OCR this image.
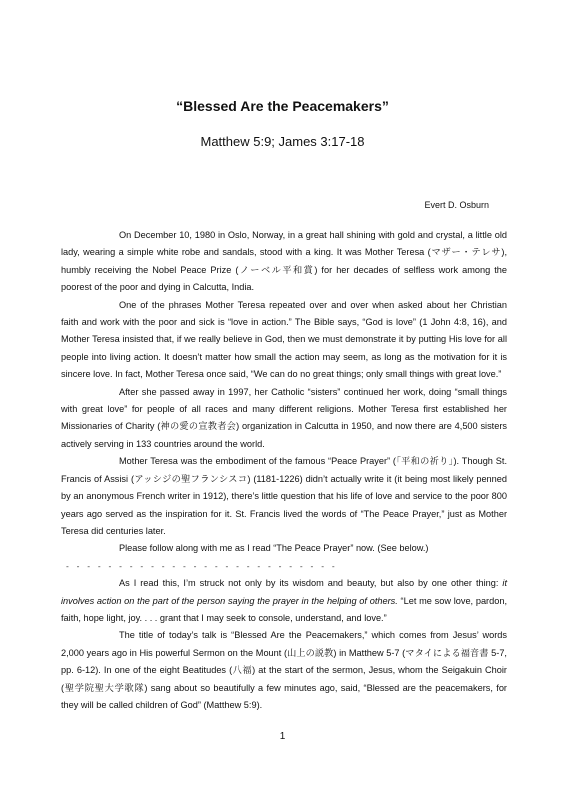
“Blessed Are the Peacemakers”
Matthew 5:9; James 3:17-18
Evert D. Osburn

On December 10, 1980 in Oslo, Norway, in a great hall shining with gold and crystal, a little old lady, wearing a simple white robe and sandals, stood with a king. It was Mother Teresa (マザー・テレサ), humbly receiving the Nobel Peace Prize (ノーベル平和賞) for her decades of selfless work among the poorest of the poor and dying in Calcutta, India.

One of the phrases Mother Teresa repeated over and over when asked about her Christian faith and work with the poor and sick is “love in action.” The Bible says, “God is love” (1 John 4:8, 16), and Mother Teresa insisted that, if we really believe in God, then we must demonstrate it by putting His love for all people into living action. It doesn’t matter how small the action may seem, as long as the motivation for it is sincere love. In fact, Mother Teresa once said, “We can do no great things; only small things with great love.”

After she passed away in 1997, her Catholic “sisters” continued her work, doing “small things with great love” for people of all races and many different religions. Mother Teresa first established her Missionaries of Charity (神の愛の宣教者会) organization in Calcutta in 1950, and now there are 4,500 sisters actively serving in 133 countries around the world.

Mother Teresa was the embodiment of the famous “Peace Prayer” (「平和の祈り」). Though St. Francis of Assisi (アッシジの聖フランシスコ) (1181-1226) didn’t actually write it (it being most likely penned by an anonymous French writer in 1912), there’s little question that his life of love and service to the poor 800 years ago served as the inspiration for it. St. Francis lived the words of “The Peace Prayer,” just as Mother Teresa did centuries later.

Please follow along with me as I read “The Peace Prayer” now. (See below.)

- - - - - - - - - - - - - - - - - - - - - - - - - -

As I read this, I’m struck not only by its wisdom and beauty, but also by one other thing: it involves action on the part of the person saying the prayer in the helping of others. “Let me sow love, pardon, faith, hope light, joy. . . . grant that I may seek to console, understand, and love.”

The title of today’s talk is “Blessed Are the Peacemakers,” which comes from Jesus’ words 2,000 years ago in His powerful Sermon on the Mount (山上の説教) in Matthew 5-7 (マタイによる福音書 5-7, pp. 6-12). In one of the eight Beatitudes (八福) at the start of the sermon, Jesus, whom the Seigakuin Choir (聖学院聖大学歌隊) sang about so beautifully a few minutes ago, said, “Blessed are the peacemakers, for they will be called children of God” (Matthew 5:9).

1
